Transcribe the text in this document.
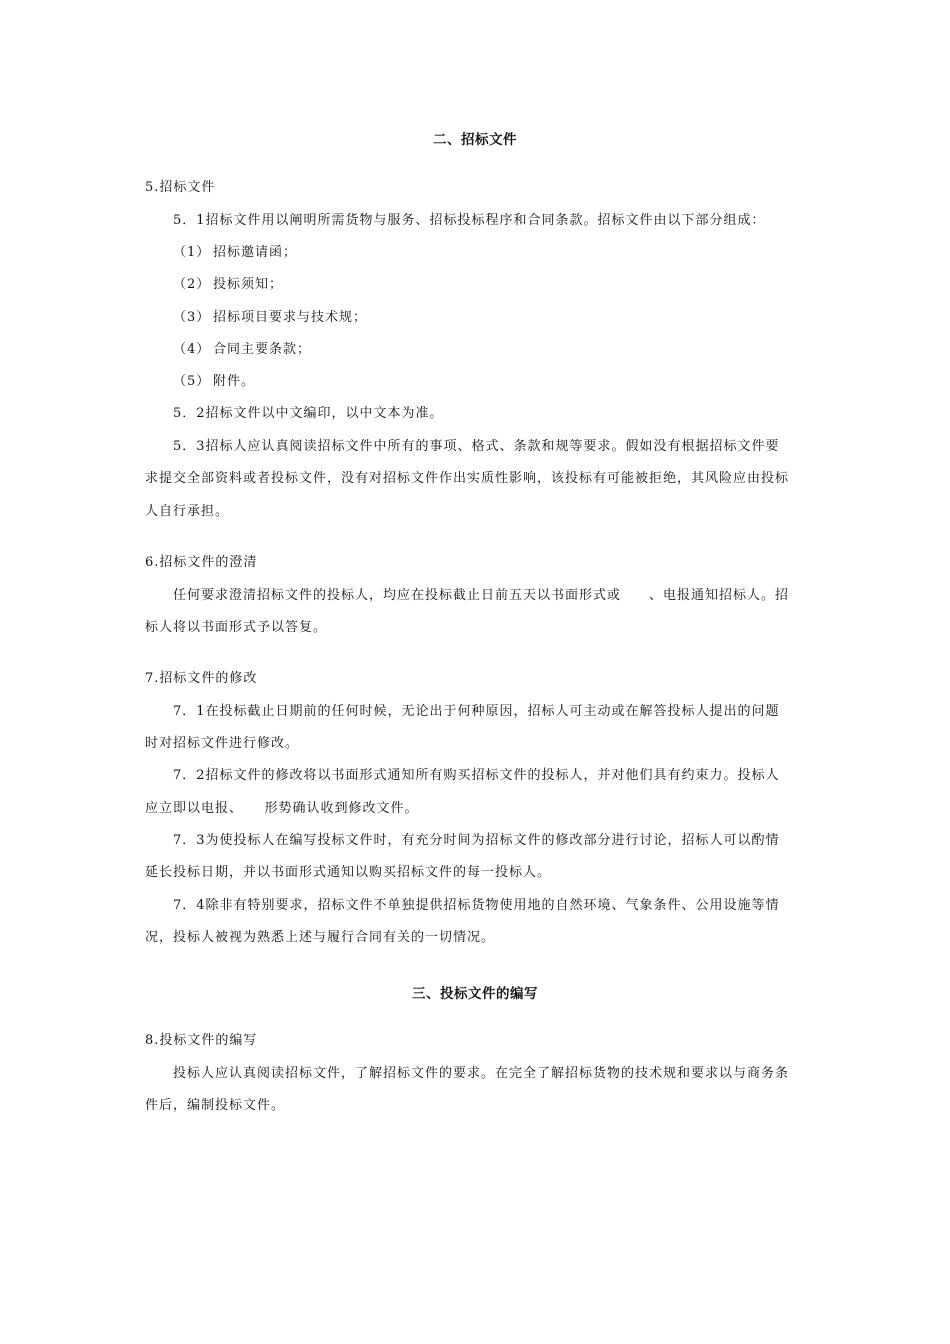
二、招标文件
5.招标文件
5．1招标文件用以阐明所需货物与服务、招标投标程序和合同条款。招标文件由以下部分组成：
（1） 招标邀请函；
（2） 投标须知；
（3） 招标项目要求与技术规；
（4） 合同主要条款；
（5） 附件。
5．2招标文件以中文编印，以中文本为准。
5．3招标人应认真阅读招标文件中所有的事项、格式、条款和规等要求。假如没有根据招标文件要
求提交全部资料或者投标文件，没有对招标文件作出实质性影响，该投标有可能被拒绝，其风险应由投标
人自行承担。
6.招标文件的澄清
任何要求澄清招标文件的投标人，均应在投标截止日前五天以书面形式或　　、电报通知招标人。招
标人将以书面形式予以答复。
7.招标文件的修改
7．1在投标截止日期前的任何时候，无论出于何种原因，招标人可主动或在解答投标人提出的问题
时对招标文件进行修改。
7．2招标文件的修改将以书面形式通知所有购买招标文件的投标人，并对他们具有约束力。投标人
应立即以电报、　　形势确认收到修改文件。
7．3为使投标人在编写投标文件时，有充分时间为招标文件的修改部分进行讨论，招标人可以酌情
延长投标日期，并以书面形式通知以购买招标文件的每一投标人。
7．4除非有特别要求，招标文件不单独提供招标货物使用地的自然环境、气象条件、公用设施等情
况，投标人被视为熟悉上述与履行合同有关的一切情况。
三、投标文件的编写
8.投标文件的编写
投标人应认真阅读招标文件，了解招标文件的要求。在完全了解招标货物的技术规和要求以与商务条
件后，编制投标文件。
